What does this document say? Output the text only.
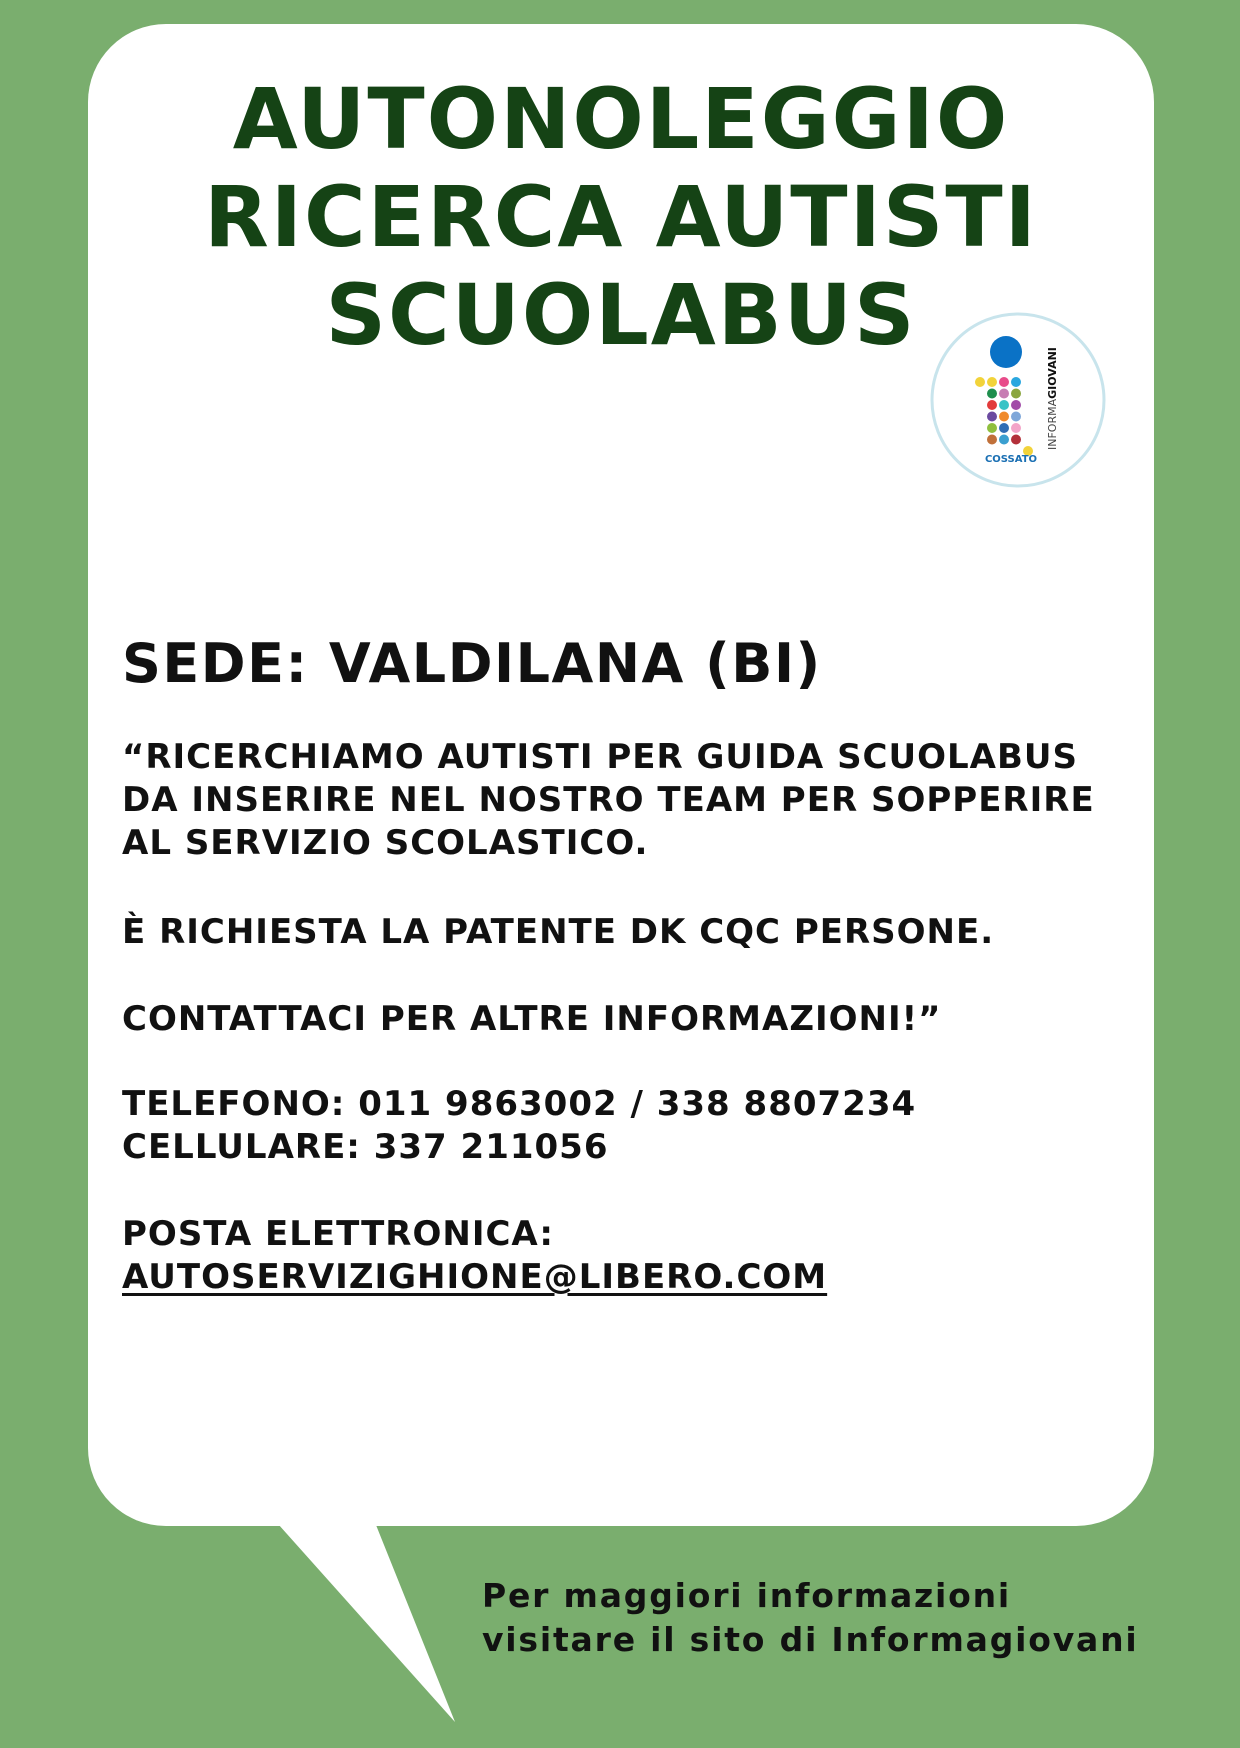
AUTONOLEGGIO
RICERCA AUTISTI
SCUOLABUS
COSSATO
INFORMAGIOVANI

SEDE: VALDILANA (BI)

“RICERCHIAMO AUTISTI PER GUIDA SCUOLABUS
DA INSERIRE NEL NOSTRO TEAM PER SOPPERIRE
AL SERVIZIO SCOLASTICO.

È RICHIESTA LA PATENTE DK CQC PERSONE.

CONTATTACI PER ALTRE INFORMAZIONI!”

TELEFONO: 011 9863002 / 338 8807234
CELLULARE: 337 211056

POSTA ELETTRONICA:
AUTOSERVIZIGHIONE@LIBERO.COM

Per maggiori informazioni
visitare il sito di Informagiovani
